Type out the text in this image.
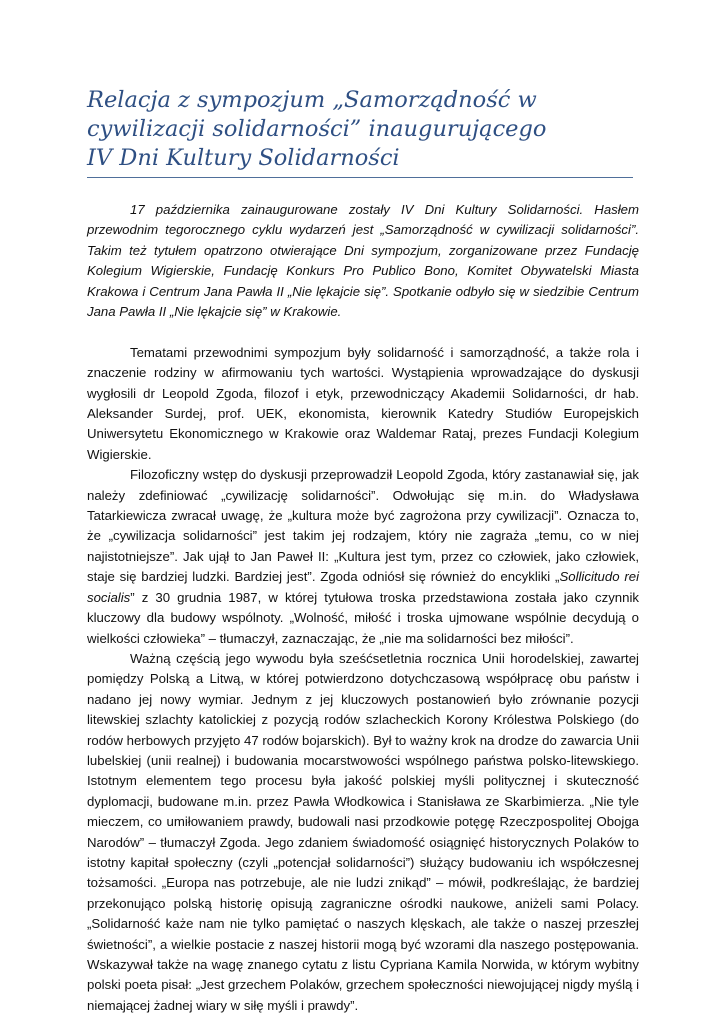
Relacja z sympozjum „Samorządność w
cywilizacji solidarności” inaugurującego
IV Dni Kultury Solidarności

17 października zainaugurowane zostały IV Dni Kultury Solidarności. Hasłem przewodnim tegorocznego cyklu wydarzeń jest „Samorządność w cywilizacji solidarności”. Takim też tytułem opatrzono otwierające Dni sympozjum, zorganizowane przez Fundację Kolegium Wigierskie, Fundację Konkurs Pro Publico Bono, Komitet Obywatelski Miasta Krakowa i Centrum Jana Pawła II „Nie lękajcie się”. Spotkanie odbyło się w siedzibie Centrum Jana Pawła II „Nie lękajcie się” w Krakowie.

Tematami przewodnimi sympozjum były solidarność i samorządność, a także rola i znaczenie rodziny w afirmowaniu tych wartości. Wystąpienia wprowadzające do dyskusji wygłosili dr Leopold Zgoda, filozof i etyk, przewodniczący Akademii Solidarności, dr hab. Aleksander Surdej, prof. UEK, ekonomista, kierownik Katedry Studiów Europejskich Uniwersytetu Ekonomicznego w Krakowie oraz Waldemar Rataj, prezes Fundacji Kolegium Wigierskie.

Filozoficzny wstęp do dyskusji przeprowadził Leopold Zgoda, który zastanawiał się, jak należy zdefiniować „cywilizację solidarności”. Odwołując się m.in. do Władysława Tatarkiewicza zwracał uwagę, że „kultura może być zagrożona przy cywilizacji”. Oznacza to, że „cywilizacja solidarności” jest takim jej rodzajem, który nie zagraża „temu, co w niej najistotniejsze”. Jak ujął to Jan Paweł II: „Kultura jest tym, przez co człowiek, jako człowiek, staje się bardziej ludzki. Bardziej jest”. Zgoda odniósł się również do encykliki „Sollicitudo rei socialis” z 30 grudnia 1987, w której tytułowa troska przedstawiona została jako czynnik kluczowy dla budowy wspólnoty. „Wolność, miłość i troska ujmowane wspólnie decydują o wielkości człowieka” – tłumaczył, zaznaczając, że „nie ma solidarności bez miłości”.

Ważną częścią jego wywodu była sześćsetletnia rocznica Unii horodelskiej, zawartej pomiędzy Polską a Litwą, w której potwierdzono dotychczasową współpracę obu państw i nadano jej nowy wymiar. Jednym z jej kluczowych postanowień było zrównanie pozycji litewskiej szlachty katolickiej z pozycją rodów szlacheckich Korony Królestwa Polskiego (do rodów herbowych przyjęto 47 rodów bojarskich). Był to ważny krok na drodze do zawarcia Unii lubelskiej (unii realnej) i budowania mocarstwowości wspólnego państwa polsko-litewskiego. Istotnym elementem tego procesu była jakość polskiej myśli politycznej i skuteczność dyplomacji, budowane m.in. przez Pawła Włodkowica i Stanisława ze Skarbimierza. „Nie tyle mieczem, co umiłowaniem prawdy, budowali nasi przodkowie potęgę Rzeczpospolitej Obojga Narodów” – tłumaczył Zgoda. Jego zdaniem świadomość osiągnięć historycznych Polaków to istotny kapitał społeczny (czyli „potencjał solidarności”) służący budowaniu ich współczesnej tożsamości. „Europa nas potrzebuje, ale nie ludzi znikąd” – mówił, podkreślając, że bardziej przekonująco polską historię opisują zagraniczne ośrodki naukowe, aniżeli sami Polacy. „Solidarność każe nam nie tylko pamiętać o naszych klęskach, ale także o naszej przeszłej świetności”, a wielkie postacie z naszej historii mogą być wzorami dla naszego postępowania. Wskazywał także na wagę znanego cytatu z listu Cypriana Kamila Norwida, w którym wybitny polski poeta pisał: „Jest grzechem Polaków, grzechem społeczności niewojującej nigdy myślą i niemającej żadnej wiary w siłę myśli i prawdy”.
